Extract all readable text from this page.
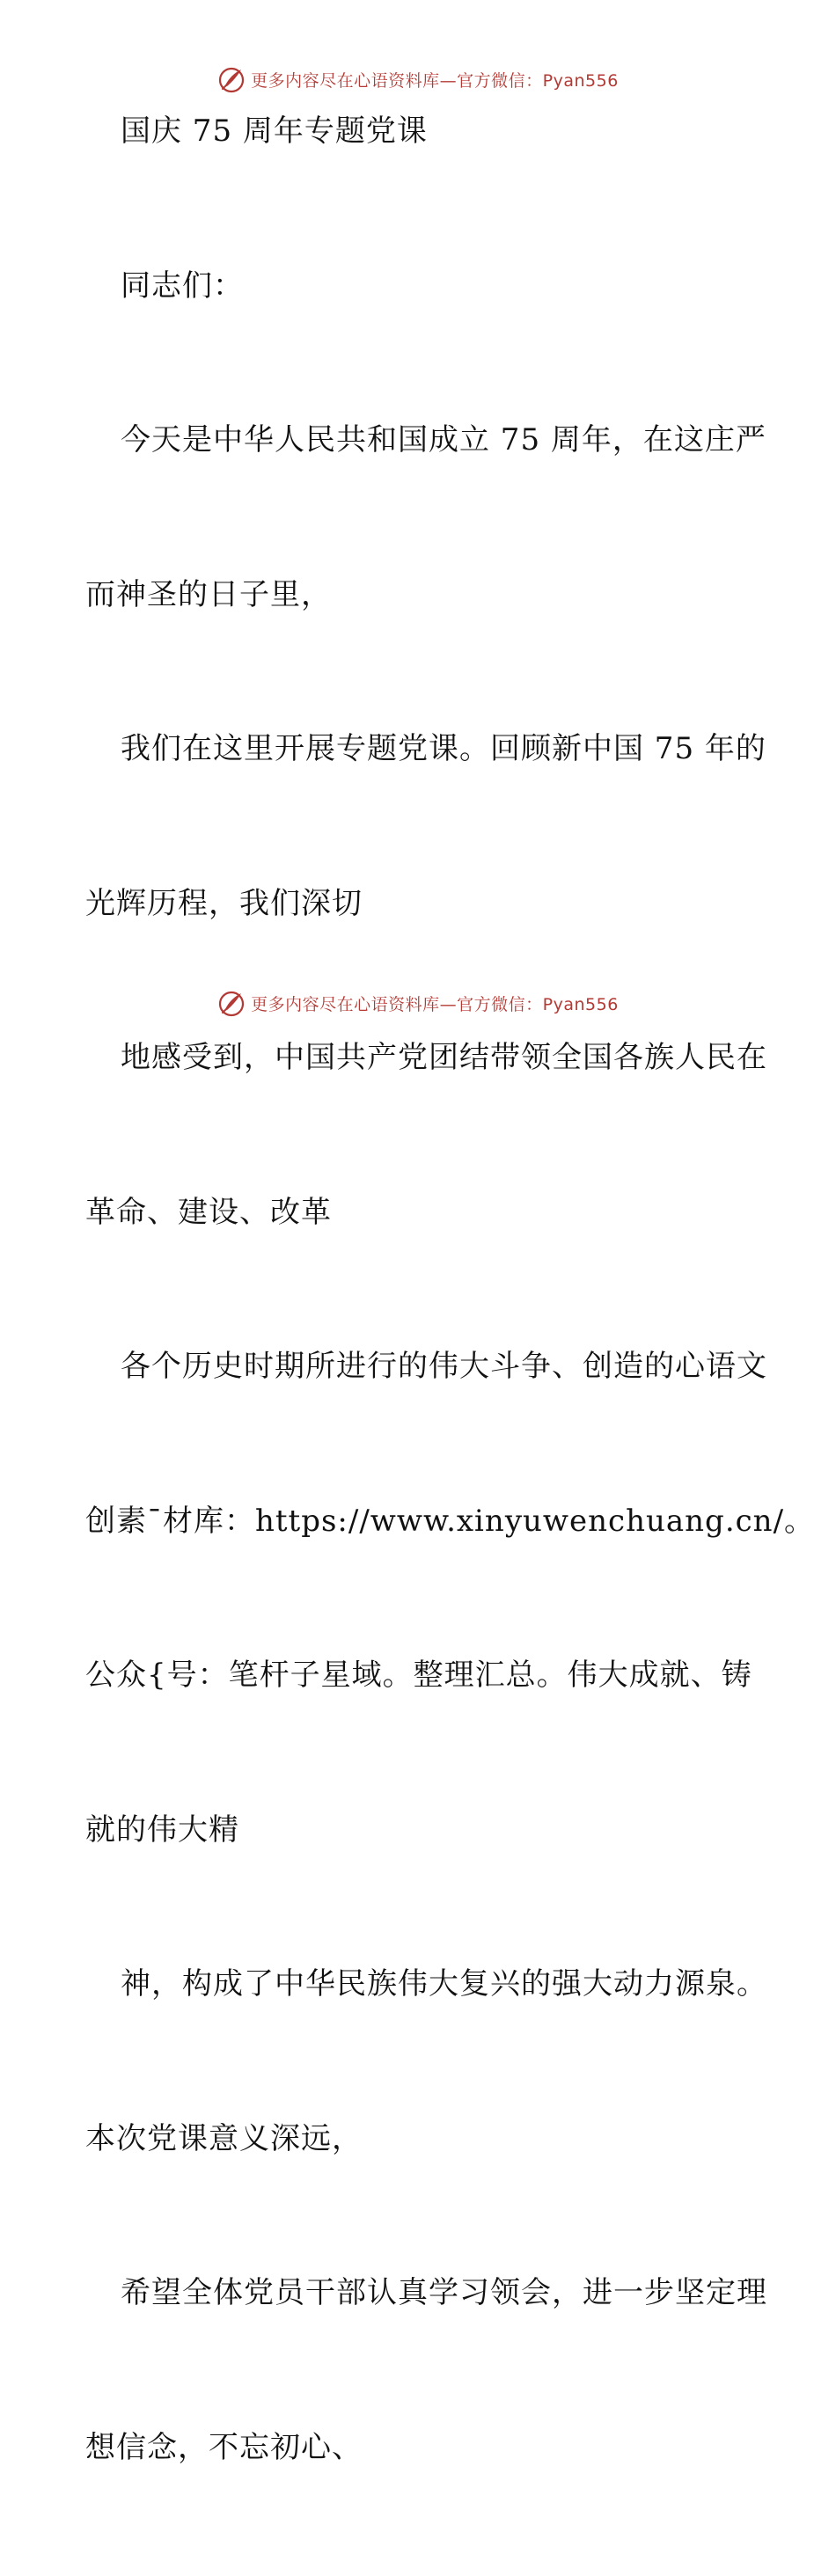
更多内容尽在心语资料库—官方微信：Pyan556

国庆 75 周年专题党课

同志们：

今天是中华人民共和国成立 75 周年，在这庄严

而神圣的日子里，

我们在这里开展专题党课。回顾新中国 75 年的

光辉历程，我们深切

地感受到，中国共产党团结带领全国各族人民在

革命、建设、改革

各个历史时期所进行的伟大斗争、创造的心语文

创素¯材库：https://www.xinyuwenchuang.cn/。

公众{号：笔杆子星域。整理汇总。伟大成就、铸

就的伟大精

神，构成了中华民族伟大复兴的强大动力源泉。

本次党课意义深远，

希望全体党员干部认真学习领会，进一步坚定理

想信念，不忘初心、

更多内容尽在心语资料库—官方微信：Pyan556
